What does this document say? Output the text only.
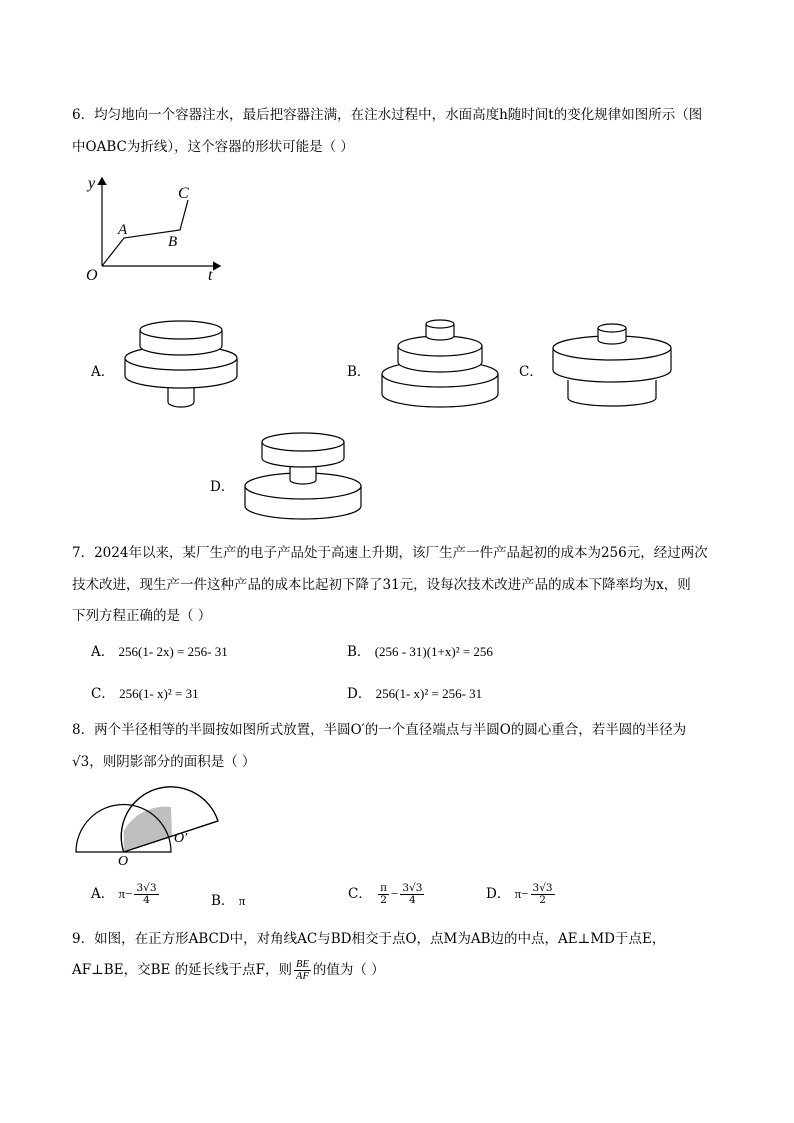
6．均匀地向一个容器注水，最后把容器注满，在注水过程中，水面高度h随时间t的变化规律如图所示（图
中OABC为折线），这个容器的形状可能是（ ）
y
t
O
A
B
C
A．	B．	C．
D．
7．2024年以来，某厂生产的电子产品处于高速上升期，该厂生产一件产品起初的成本为256元，经过两次
技术改进，现生产一件这种产品的成本比起初下降了31元，设每次技术改进产品的成本下降率均为x，则
下列方程正确的是（ ）
A． 256(1- 2x) = 256- 31	B． (256 - 31)(1+x)² = 256
C． 256(1- x)² = 31	D． 256(1- x)² = 256- 31
8．两个半径相等的半圆按如图所式放置，半圆O′的一个直径端点与半圆O的圆心重合，若半圆的半径为
√3，则阴影部分的面积是（ ）
O
O′
A． $\pi- \frac{3√3}{4}$	B． π	C． $\frac{\pi}{2} - \frac{3√3}{4}$	D． $\pi- \frac{3√3}{2}$
9．如图，在正方形ABCD中，对角线AC与BD相交于点O，点M为AB边的中点，AE⊥MD于点E，
AF⊥BE，交BE 的延长线于点F，则 $\frac{BE}{AF}$ 的值为（ ）
